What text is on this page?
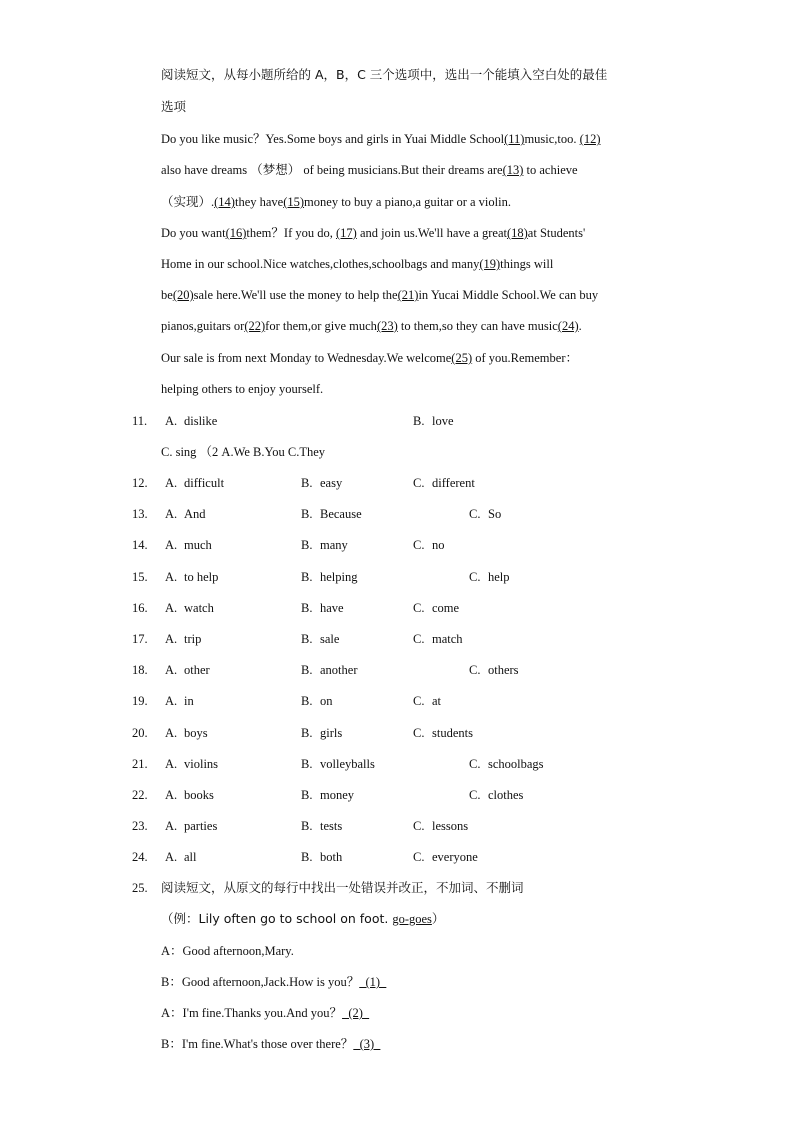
阅读短文，从每小题所给的 A，B，C 三个选项中，选出一个能填入空白处的最佳
选项
Do you like music？Yes.Some boys and girls in Yuai Middle School(11)music,too. (12)
also have dreams （梦想） of being musicians.But their dreams are(13) to achieve
（实现）.(14)they have(15)money to buy a piano,a guitar or a violin.
Do you want(16)them？If you do, (17) and join us.We'll have a great(18)at Students'
Home in our school.Nice watches,clothes,schoolbags and many(19)things will
be(20)sale here.We'll use the money to help the(21)in Yucai Middle School.We can buy
pianos,guitars or(22)for them,or give much(23) to them,so they can have music(24).
Our sale is from next Monday to Wednesday.We welcome(25) of you.Remember：
helping others to enjoy yourself.
11. A. dislike	B. love
C. sing （2 A.We B.You C.They
12. A. difficult	B. easy	C. different
13. A. And	B. Because	C. So
14. A. much	B. many	C. no
15. A. to help	B. helping	C. help
16. A. watch	B. have	C. come
17. A. trip	B. sale	C. match
18. A. other	B. another	C. others
19. A. in	B. on	C. at
20. A. boys	B. girls	C. students
21. A. violins	B. volleyballs	C. schoolbags
22. A. books	B. money	C. clothes
23. A. parties	B. tests	C. lessons
24. A. all	B. both	C. everyone
25. 阅读短文，从原文的每行中找出一处错误并改正，不加词、不删词
（例：Lily often go to school on foot. go-goes）
A：Good afternoon,Mary.
B：Good afternoon,Jack.How is you？  (1)
A：I'm fine.Thanks you.And you？  (2)
B：I'm fine.What's those over there？  (3)
